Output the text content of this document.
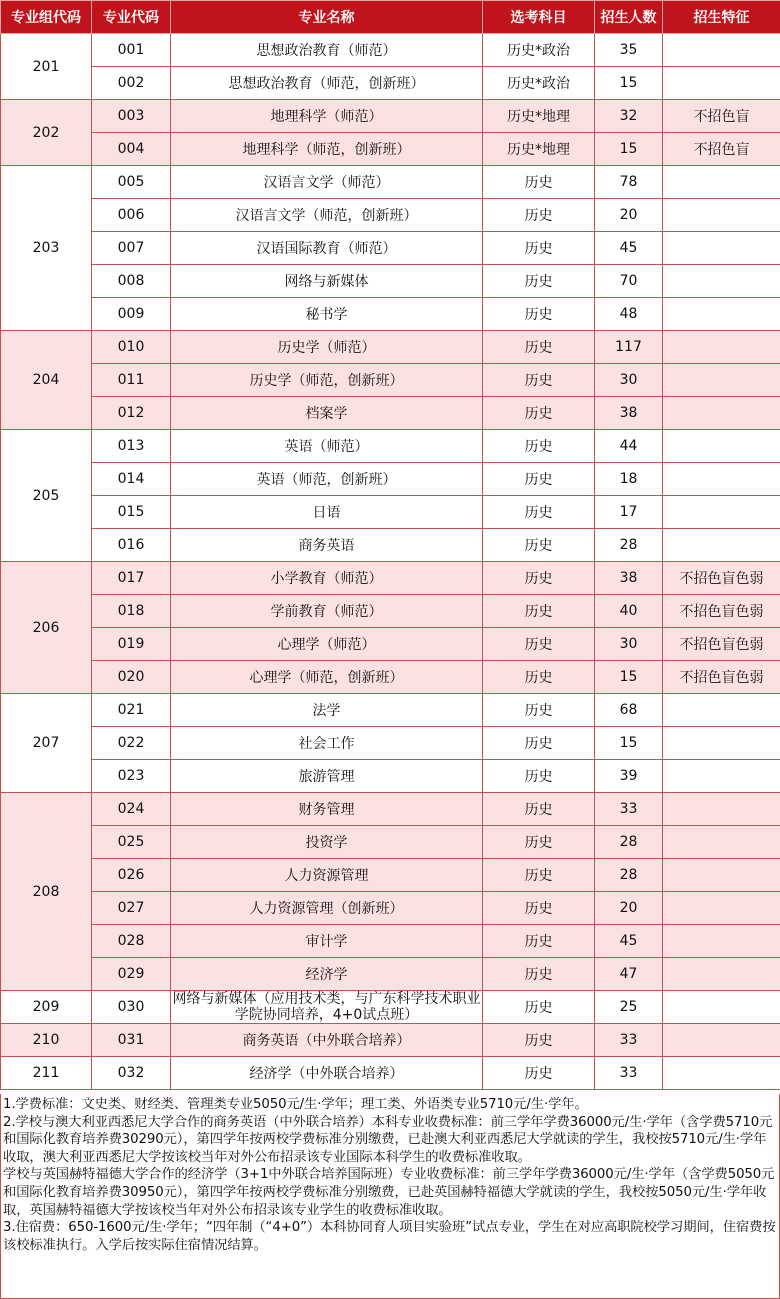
专业组代码	专业代码	专业名称	选考科目	招生人数	招生特征
201	001	思想政治教育（师范）	历史*政治	35	
	002	思想政治教育（师范，创新班）	历史*政治	15	
202	003	地理科学（师范）	历史*地理	32	不招色盲
	004	地理科学（师范，创新班）	历史*地理	15	不招色盲
203	005	汉语言文学（师范）	历史	78	
	006	汉语言文学（师范，创新班）	历史	20	
	007	汉语国际教育（师范）	历史	45	
	008	网络与新媒体	历史	70	
	009	秘书学	历史	48	
204	010	历史学（师范）	历史	117	
	011	历史学（师范，创新班）	历史	30	
	012	档案学	历史	38	
205	013	英语（师范）	历史	44	
	014	英语（师范，创新班）	历史	18	
	015	日语	历史	17	
	016	商务英语	历史	28	
206	017	小学教育（师范）	历史	38	不招色盲色弱
	018	学前教育（师范）	历史	40	不招色盲色弱
	019	心理学（师范）	历史	30	不招色盲色弱
	020	心理学（师范，创新班）	历史	15	不招色盲色弱
207	021	法学	历史	68	
	022	社会工作	历史	15	
	023	旅游管理	历史	39	
208	024	财务管理	历史	33	
	025	投资学	历史	28	
	026	人力资源管理	历史	28	
	027	人力资源管理（创新班）	历史	20	
	028	审计学	历史	45	
	029	经济学	历史	47	
209	030	网络与新媒体（应用技术类，与广东科学技术职业学院协同培养，4+0试点班）	历史	25	
210	031	商务英语（中外联合培养）	历史	33	
211	032	经济学（中外联合培养）	历史	33	

1.学费标准：文史类、财经类、管理类专业5050元/生·学年；理工类、外语类专业5710元/生·学年。

2.学校与澳大利亚西悉尼大学合作的商务英语（中外联合培养）本科专业收费标准：前三学年学费36000元/生·学年（含学费5710元和国际化教育培养费30290元），第四学年按两校学费标准分别缴费，已赴澳大利亚西悉尼大学就读的学生，我校按5710元/生·学年收取，澳大利亚西悉尼大学按该校当年对外公布招录该专业国际本科学生的收费标准收取。

学校与英国赫特福德大学合作的经济学（3+1中外联合培养国际班）专业收费标准：前三学年学费36000元/生·学年（含学费5050元和国际化教育培养费30950元），第四学年按两校学费标准分别缴费，已赴英国赫特福德大学就读的学生，我校按5050元/生·学年收取，英国赫特福德大学按该校当年对外公布招录该专业学生的收费标准收取。

3.住宿费：650-1600元/生·学年；“四年制（“4+0”）本科协同育人项目实验班”试点专业，学生在对应高职院校学习期间，住宿费按该校标准执行。入学后按实际住宿情况结算。
